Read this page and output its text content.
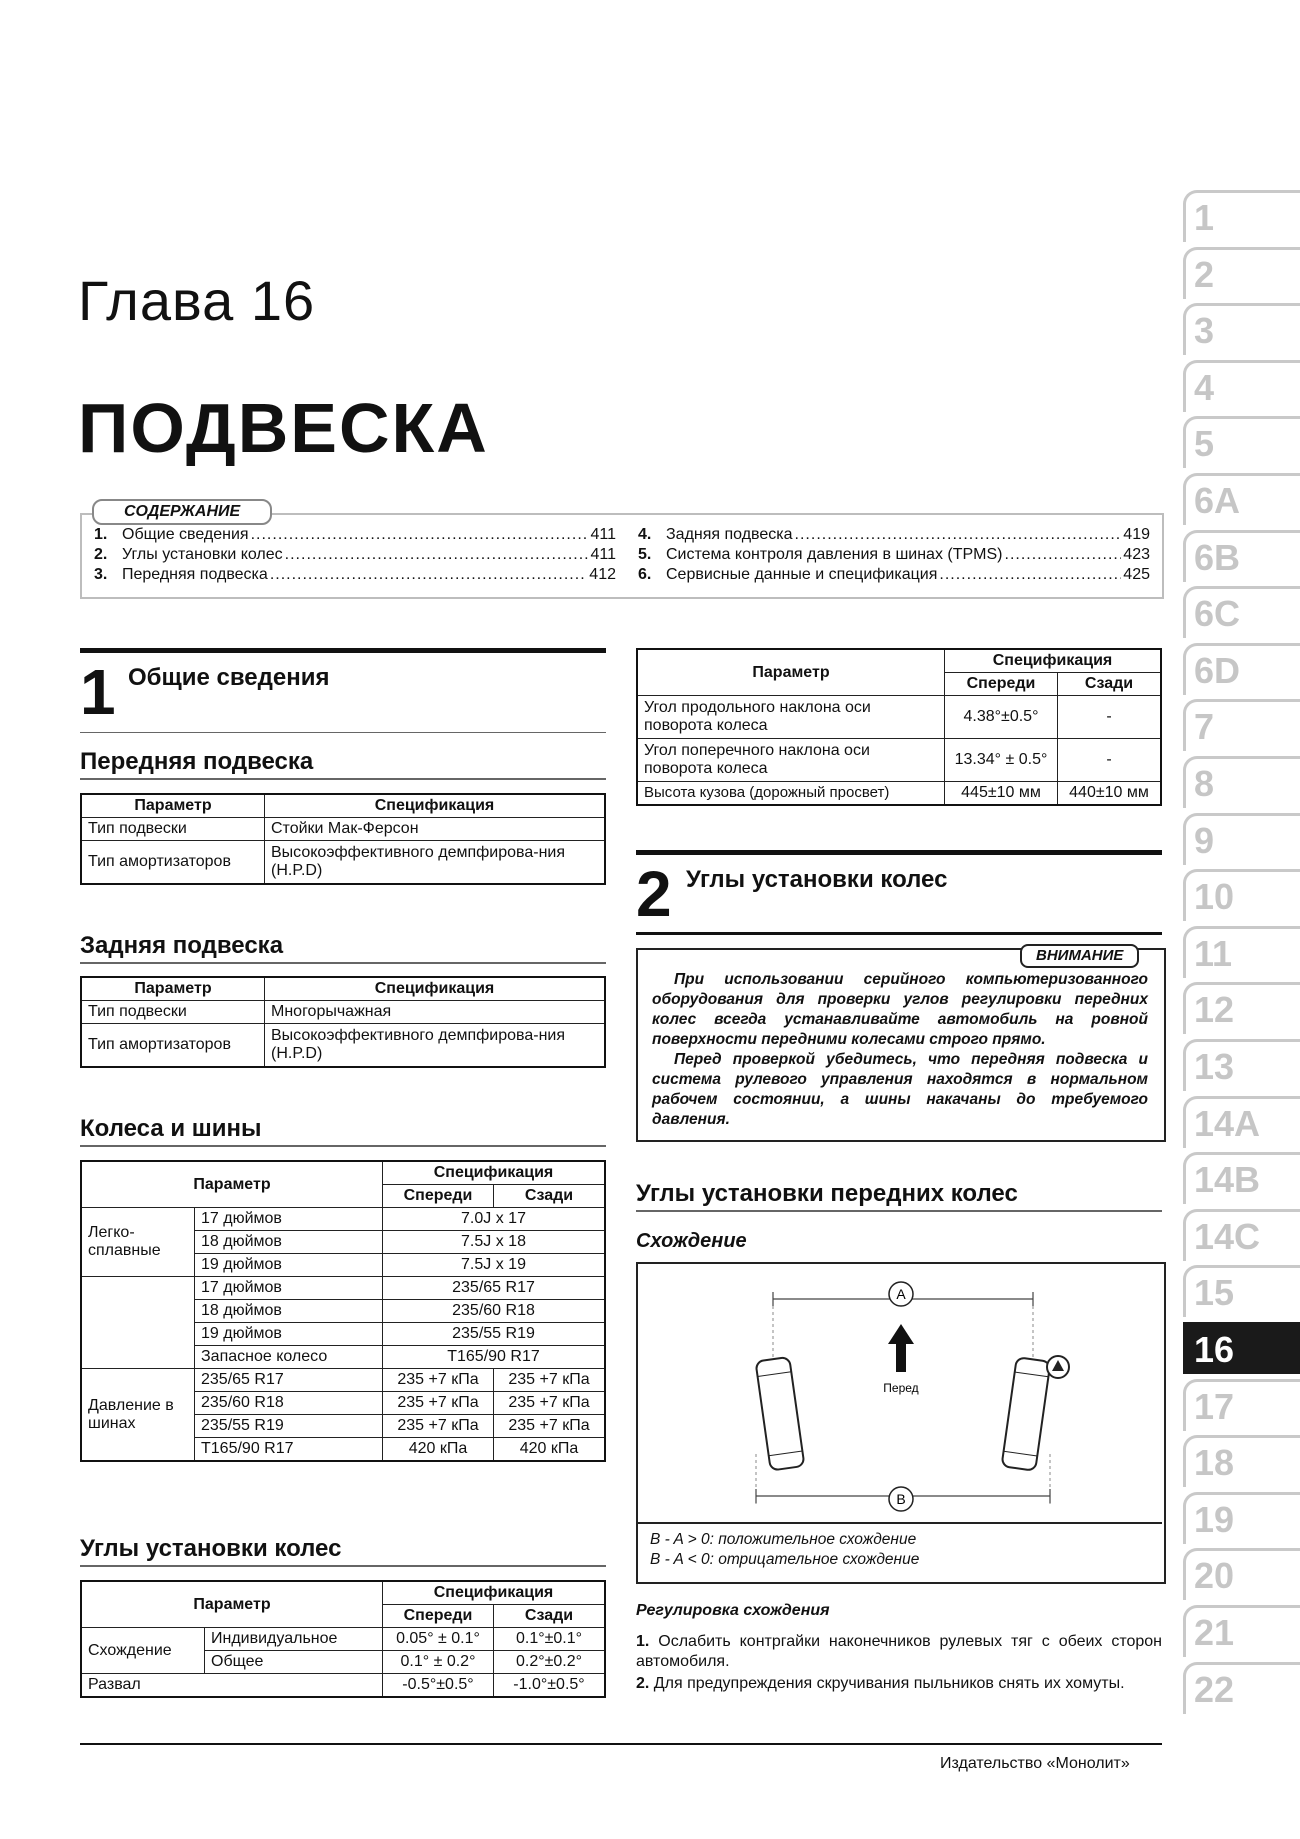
Глава 16
ПОДВЕСКА
1. Общие сведения .....	411
2. Углы установки колес .....	411
3. Передняя подвеска .....	412
4. Задняя подвеска .....	419
5. Система контроля давления в шинах (TPMS) .....	423
6. Сервисные данные и спецификация .....	425
СОДЕРЖАНИЕ
1 Общие сведения
Передняя подвеска
Параметр	Спецификация
Тип подвески	Стойки Мак-Ферсон
Тип амортизаторов	Высокоэффективного демпфирова-ния (H.P.D)
Задняя подвеска
Параметр	Спецификация
Тип подвески	Многорычажная
Тип амортизаторов	Высокоэффективного демпфирова-ния (H.P.D)
Колеса и шины
Параметр		Спецификация	
		Спереди	Сзади
Легко-сплавные	17 дюймов	7.0J x 17	
	18 дюймов	7.5J x 18	
	19 дюймов	7.5J x 19	
	17 дюймов	235/65 R17	
	18 дюймов	235/60 R18	
	19 дюймов	235/55 R19	
	Запасное колесо	T165/90 R17	
Давление в шинах	235/65 R17	235 +7 кПа	235 +7 кПа
	235/60 R18	235 +7 кПа	235 +7 кПа
	235/55 R19	235 +7 кПа	235 +7 кПа
	T165/90 R17	420 кПа	420 кПа
Углы установки колес
Параметр		Спецификация	
		Спереди	Сзади
Схождение	Индивидуальное	0.05° ± 0.1°	0.1°±0.1°
	Общее	0.1° ± 0.2°	0.2°±0.2°
Развал		-0.5°±0.5°	-1.0°±0.5°
Параметр	Спецификация	
	Спереди	Сзади
Угол продольного наклона оси поворота колеса	4.38°±0.5°	-
Угол поперечного наклона оси поворота колеса	13.34° ± 0.5°	-
Высота кузова (дорожный просвет)	445±10 мм	440±10 мм
2 Углы установки колес

При использовании серийного компьютеризованного оборудования для проверки углов регулировки передних колес всегда устанавливайте автомобиль на ровной поверхности передними колесами строго прямо.

Перед проверкой убедитесь, что передняя подвеска и система рулевого управления находятся в нормальном рабочем состоянии, а шины накачаны до требуемого давления.

ВНИМАНИЕ
Углы установки передних колес
Схождение
A
Перед
B
B - A > 0: положительное схождение
B - A < 0: отрицательное схождение
Регулировка схождения
1. Ослабить контргайки наконечников рулевых тяг с обеих сторон автомобиля.
2. Для предупреждения скручивания пыльников снять их хомуты.
1
2
3
4
5
6A
6B
6C
6D
7
8
9
10
11
12
13
14A
14B
14C
15
16
17
18
19
20
21
22
Издательство «Монолит»
